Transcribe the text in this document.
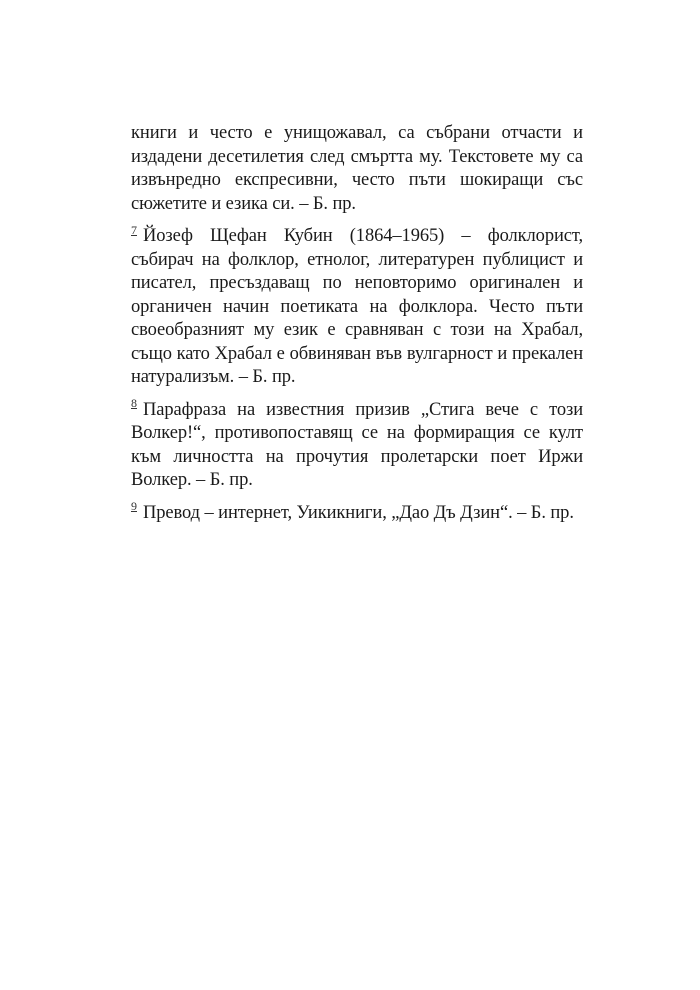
книги и често е унищожавал, са събрани отчасти и издадени десетилетия след смъртта му. Текстовете му са извънредно експресивни, често пъти шокиращи със сюжетите и езика си. – Б. пр.

$^7$ Йозеф Щефан Кубин (1864–1965) – фолклорист, събирач на фолклор, етнолог, литературен публицист и писател, пресъздаващ по неповторимо оригинален и органичен начин поетиката на фолклора. Често пъти своеобразният му език е сравняван с този на Храбал, също като Храбал е обвиняван във вулгарност и прекален натурализъм. – Б. пр.

$^8$ Парафраза на известния призив „Стига вече с този Волкер!“, противопоставящ се на формиращия се култ към личността на прочутия пролетарски поет Иржи Волкер. – Б. пр.

$^9$ Превод – интернет, Уикикниги, „Дао Дъ Дзин“. – Б. пр.
